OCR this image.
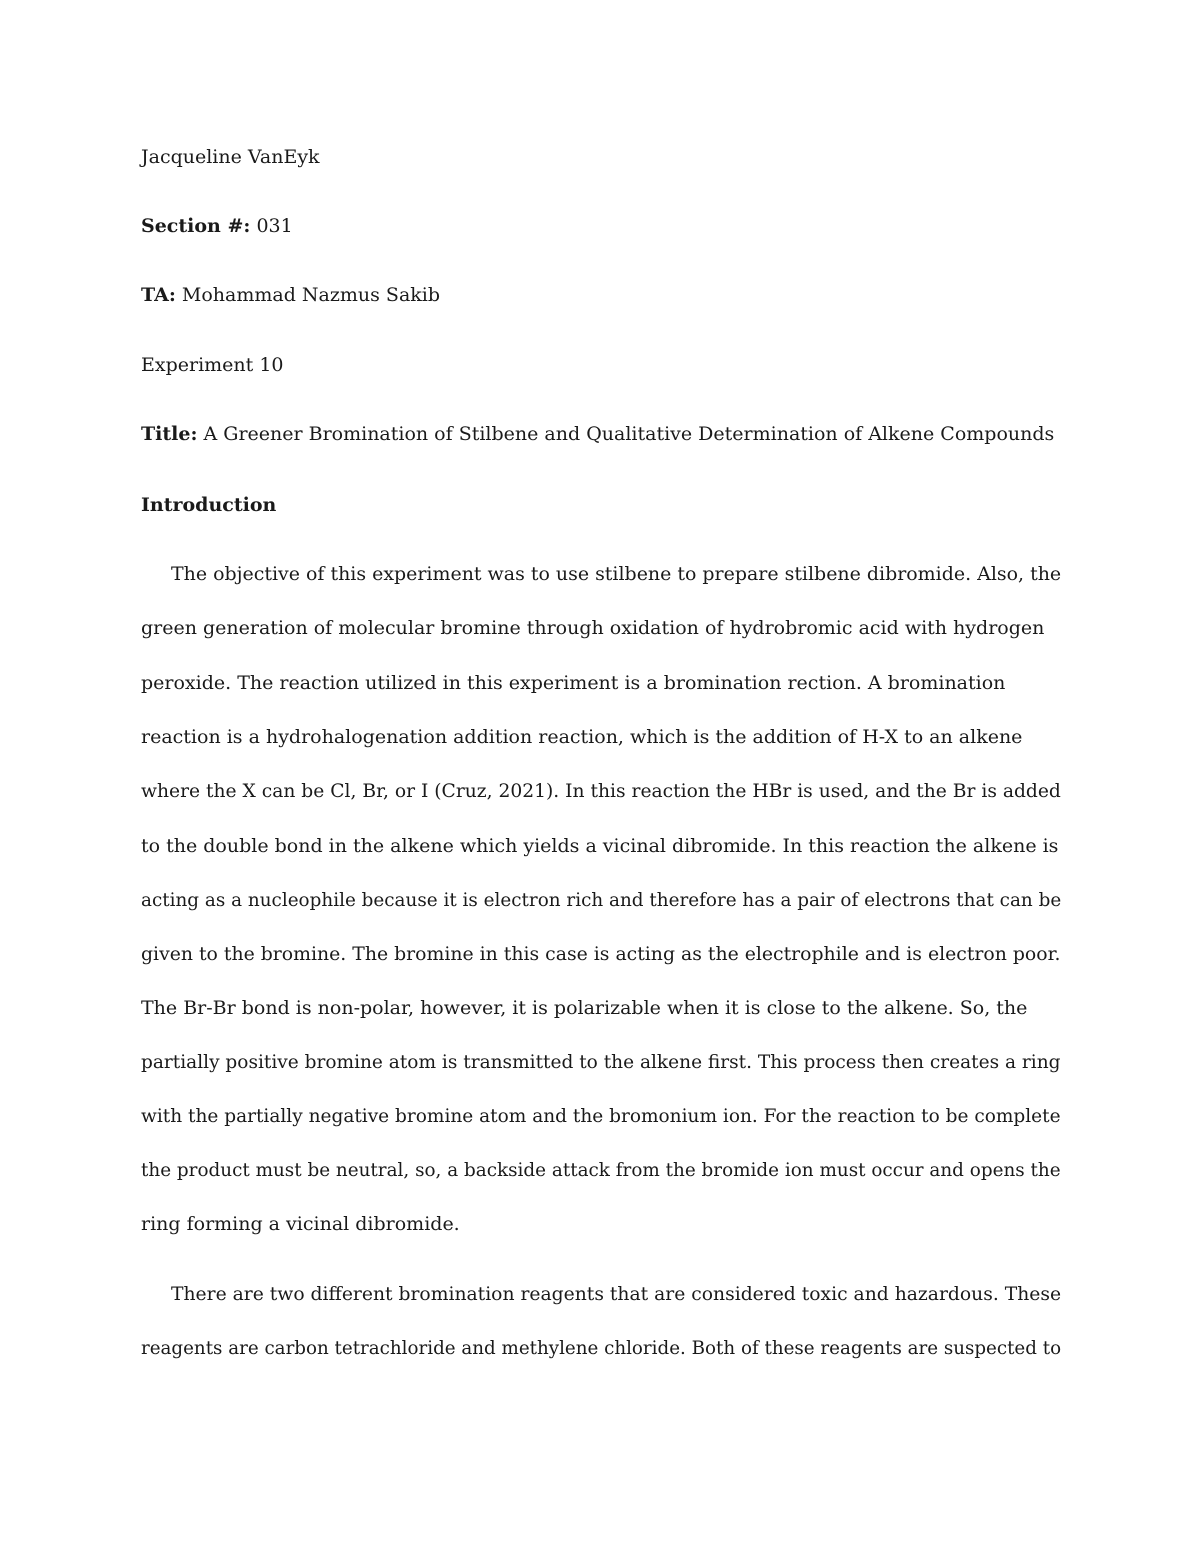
Jacqueline VanEyk
Section #: 031
TA: Mohammad Nazmus Sakib
Experiment 10
Title: A Greener Bromination of Stilbene and Qualitative Determination of Alkene Compounds
Introduction
The objective of this experiment was to use stilbene to prepare stilbene dibromide. Also, the
green generation of molecular bromine through oxidation of hydrobromic acid with hydrogen
peroxide. The reaction utilized in this experiment is a bromination rection. A bromination
reaction is a hydrohalogenation addition reaction, which is the addition of H-X to an alkene
where the X can be Cl, Br, or I (Cruz, 2021). In this reaction the HBr is used, and the Br is added
to the double bond in the alkene which yields a vicinal dibromide. In this reaction the alkene is
acting as a nucleophile because it is electron rich and therefore has a pair of electrons that can be
given to the bromine. The bromine in this case is acting as the electrophile and is electron poor.
The Br-Br bond is non-polar, however, it is polarizable when it is close to the alkene. So, the
partially positive bromine atom is transmitted to the alkene first. This process then creates a ring
with the partially negative bromine atom and the bromonium ion. For the reaction to be complete
the product must be neutral, so, a backside attack from the bromide ion must occur and opens the
ring forming a vicinal dibromide.
There are two different bromination reagents that are considered toxic and hazardous. These
reagents are carbon tetrachloride and methylene chloride. Both of these reagents are suspected to
